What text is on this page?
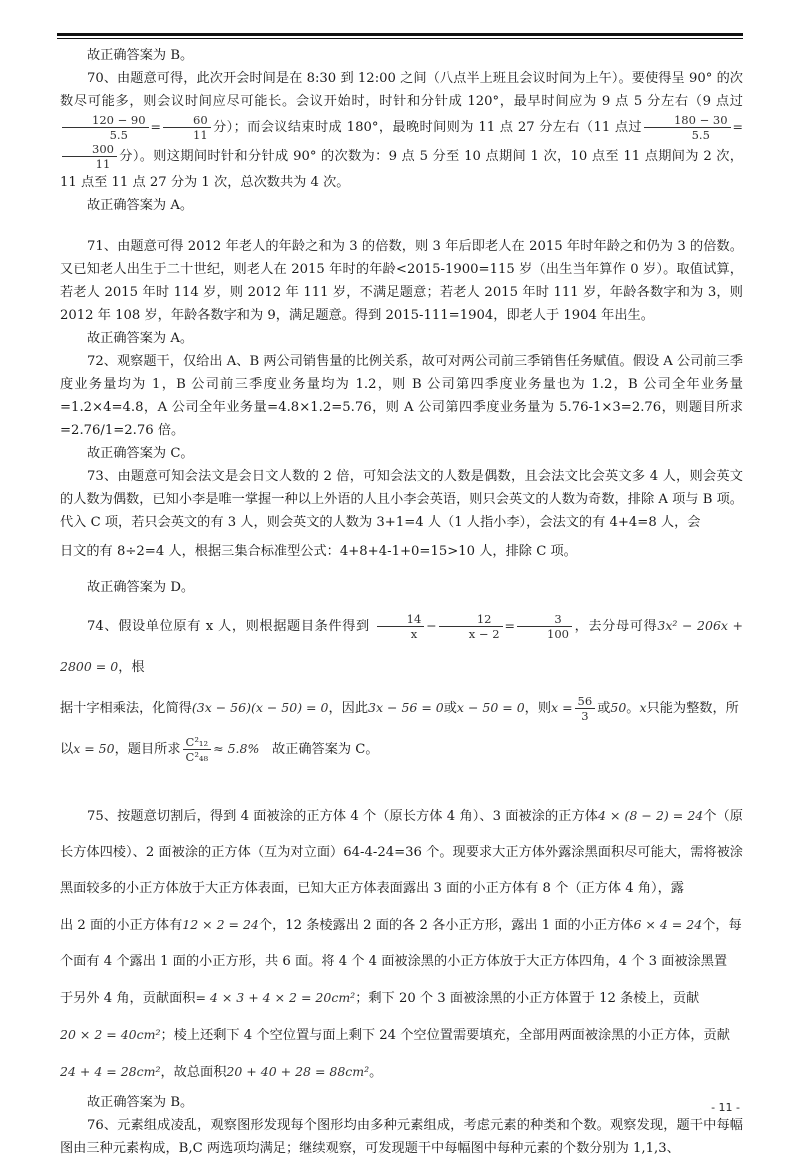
故正确答案为 B。

70、由题意可得，此次开会时间是在 8:30 到 12:00 之间（八点半上班且会议时间为上午）。要使得呈 90° 的次数尽可能多，则会议时间应尽可能长。会议开始时，时针和分针成 120°，最早时间应为 9 点 5 分左右（9 点过
$\frac{120 - 90}{5.5} = \frac{60}{11}$ 分）；而会议结束时成 180°，最晚时间则为 11 点 27 分左右（11 点过 $\frac{180 - 30}{5.5}$ =
$\frac{300}{11}$ 分）。则这期间时针和分针成 90° 的次数为：9 点 5 分至 10 点期间 1 次，10 点至 11 点期间为 2 次，11 点至 11 点 27 分为 1 次，总次数共为 4 次。

故正确答案为 A。

71、由题意可得 2012 年老人的年龄之和为 3 的倍数，则 3 年后即老人在 2015 年时年龄之和仍为 3 的倍数。又已知老人出生于二十世纪，则老人在 2015 年时的年龄<2015-1900=115 岁（出生当年算作 0 岁）。取值试算，若老人 2015 年时 114 岁，则 2012 年 111 岁，不满足题意；若老人 2015 年时 111 岁，年龄各数字和为 3，则 2012 年 108 岁，年龄各数字和为 9，满足题意。得到 2015-111=1904，即老人于 1904 年出生。

故正确答案为 A。

72、观察题干，仅给出 A、B 两公司销售量的比例关系，故可对两公司前三季销售任务赋值。假设 A 公司前三季度业务量均为 1，B 公司前三季度业务量均为 1.2，则 B 公司第四季度业务量也为 1.2，B 公司全年业务量=1.2×4=4.8，A 公司全年业务量=4.8×1.2=5.76，则 A 公司第四季度业务量为 5.76-1×3=2.76，则题目所求=2.76/1=2.76 倍。

故正确答案为 C。

73、由题意可知会法文是会日文人数的 2 倍，可知会法文的人数是偶数，且会法文比会英文多 4 人，则会英文的人数为偶数，已知小李是唯一掌握一种以上外语的人且小李会英语，则只会英文的人数为奇数，排除 A 项与 B 项。代入 C 项，若只会英文的有 3 人，则会英文的人数为 3+1=4 人（1 人指小李），会法文的有 4+4=8 人，会

日文的有 8÷2=4 人，根据三集合标准型公式：4+8+4-1+0=15>10 人，排除 C 项。

故正确答案为 D。

74、假设单位原有 x 人，则根据题目条件得到 $\frac{14}{x} - \frac{12}{x - 2} = \frac{3}{100}$ ，去分母可得3x² − 206x + 2800 = 0，根

据十字相乘法，化简得(3x − 56)(x − 50) = 0，因此3x − 56 = 0或x − 50 = 0，则$x = \frac{56}{3}$ 或50。x只能为整数，所

以x = 50，题目所求 $\frac{\text{C²₁₂}}{\text{C²₄₈}} \approx 5.8\%$ 故正确答案为 C。

75、按题意切割后，得到 4 面被涂的正方体 4 个（原长方体 4 角）、3 面被涂的正方体4 × (8 − 2) = 24个（原长方体四棱）、2 面被涂的正方体（互为对立面）64-4-24=36 个。现要求大正方体外露涂黑面积尽可能大，需将被涂黑面较多的小正方体放于大正方体表面，已知大正方体表面露出 3 面的小正方体有 8 个（正方体 4 角），露

出 2 面的小正方体有12 × 2 = 24个，12 条棱露出 2 面的各 2 各小正方形，露出 1 面的小正方体6 × 4 = 24个，每

个面有 4 个露出 1 面的小正方形，共 6 面。将 4 个 4 面被涂黑的小正方体放于大正方体四角，4 个 3 面被涂黑置

于另外 4 角，贡献面积= 4 × 3 + 4 × 2 = 20cm²；剩下 20 个 3 面被涂黑的小正方体置于 12 条棱上，贡献

20 × 2 = 40cm²；棱上还剩下 4 个空位置与面上剩下 24 个空位置需要填充，全部用两面被涂黑的小正方体，贡献

24 + 4 = 28cm²，故总面积20 + 40 + 28 = 88cm²。

故正确答案为 B。

76、元素组成凌乱，观察图形发现每个图形均由多种元素组成，考虑元素的种类和个数。观察发现，题干中每幅图由三种元素构成，B,C 两选项均满足；继续观察，可发现题干中每幅图中每种元素的个数分别为 1,1,3、

- 11 -
